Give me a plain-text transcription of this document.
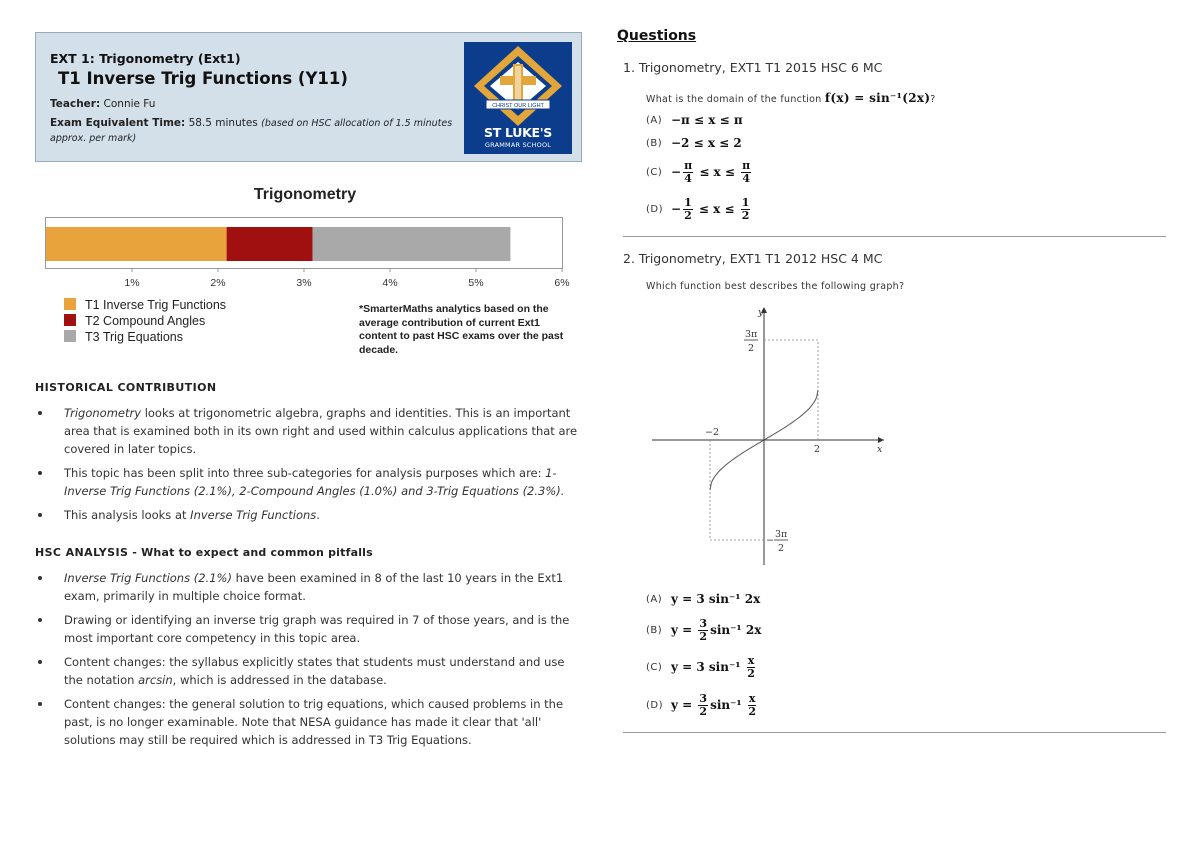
EXT 1: Trigonometry (Ext1)
T1 Inverse Trig Functions (Y11)
Teacher: Connie Fu
Exam Equivalent Time: 58.5 minutes (based on HSC allocation of 1.5 minutes approx. per mark)
CHRIST OUR LIGHT
ST LUKE'S
GRAMMAR SCHOOL
Trigonometry
1%	2%	3%	4%	5%	6%
T1 Inverse Trig Functions
T2 Compound Angles
T3 Trig Equations
*SmarterMaths analytics based on the average contribution of current Ext1 content to past HSC exams over the past decade.
HISTORICAL CONTRIBUTION
Trigonometry looks at trigonometric algebra, graphs and identities. This is an important area that is examined both in its own right and used within calculus applications that are covered in later topics.
This topic has been split into three sub-categories for analysis purposes which are: 1-Inverse Trig Functions (2.1%), 2-Compound Angles (1.0%) and 3-Trig Equations (2.3%).
This analysis looks at Inverse Trig Functions.
HSC ANALYSIS - What to expect and common pitfalls
Inverse Trig Functions (2.1%) have been examined in 8 of the last 10 years in the Ext1 exam, primarily in multiple choice format.
Drawing or identifying an inverse trig graph was required in 7 of those years, and is the most important core competency in this topic area.
Content changes: the syllabus explicitly states that students must understand and use the notation arcsin, which is addressed in the database.
Content changes: the general solution to trig equations, which caused problems in the past, is no longer examinable. Note that NESA guidance has made it clear that 'all' solutions may still be required which is addressed in T3 Trig Equations.
Questions
1. Trigonometry, EXT1 T1 2015 HSC 6 MC
What is the domain of the function f(x) = sin⁻¹(2x)?
(A) −π ≤ x ≤ π
(B) −2 ≤ x ≤ 2
$(C) - \frac{\pi}{4}$
≤ x ≤
$\frac{\pi}{4}$
$(D) - \frac{1}{2}$
≤ x ≤
$\frac{1}{2}$
2. Trigonometry, EXT1 T1 2012 HSC 4 MC
Which function best describes the following graph?
y
x
−2
2
3π
2
−
3π
2
(A) y = 3 sin⁻¹ 2x
(B) y =
$\frac{3}{2} \sin^{-1}$ 2x
(C) y = 3 sin⁻¹
$\frac{x}{2}$
(D) y =
$\frac{3}{2} \sin^{-1}$
$\frac{x}{2}$
